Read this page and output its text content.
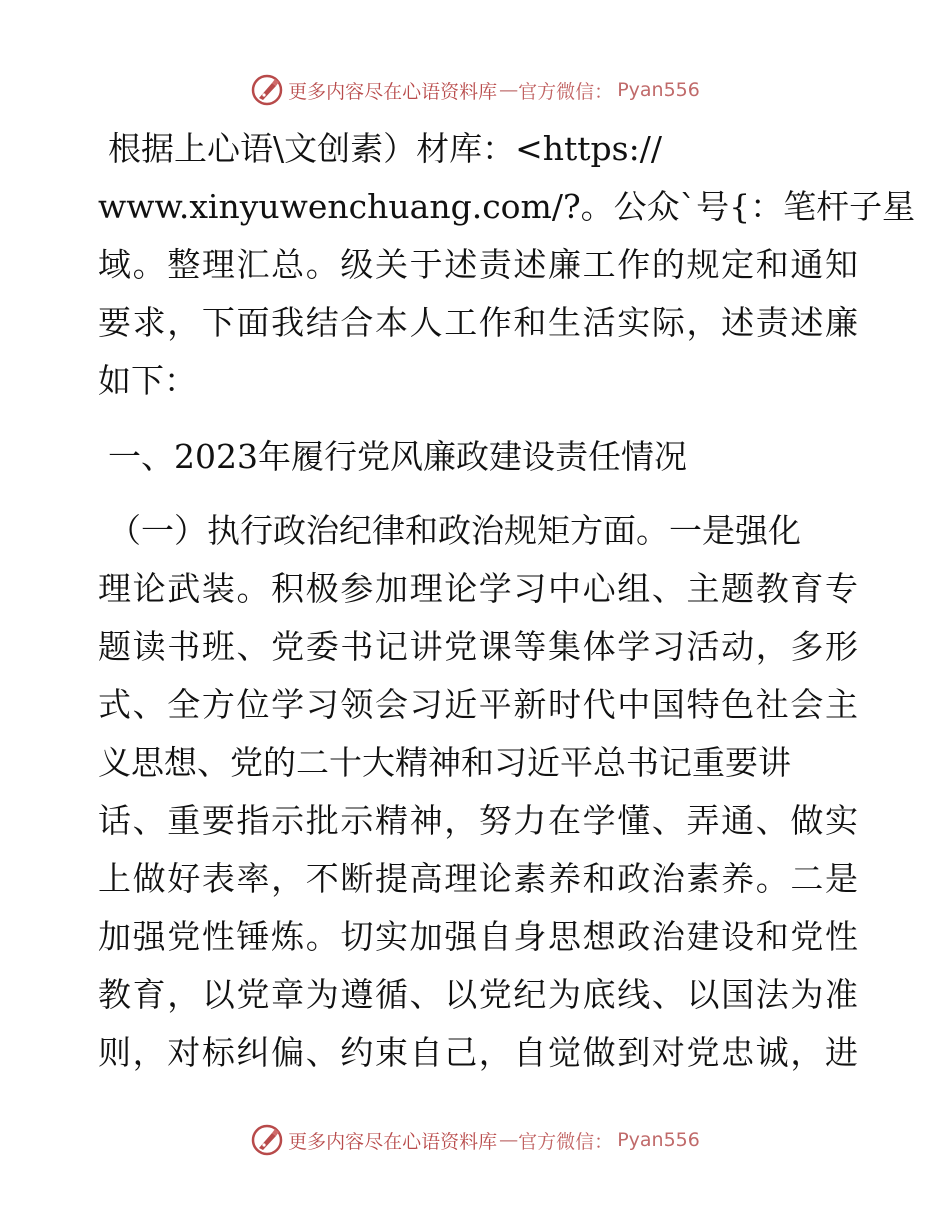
更多内容尽在心语资料库 — 官方微信： Pyan556
根据上心语\文创素）材库：<https://
www.xinyuwenchuang.com/?。公众`号{：笔杆子星
域。整理汇总。级关于述责述廉工作的规定和通知
要求，下面我结合本人工作和生活实际，述责述廉
如下：
一、2023年履行党风廉政建设责任情况
（一）执行政治纪律和政治规矩方面。一是强化
理论武装。积极参加理论学习中心组、主题教育专
题读书班、党委书记讲党课等集体学习活动，多形
式、全方位学习领会习近平新时代中国特色社会主
义思想、党的二十大精神和习近平总书记重要讲
话、重要指示批示精神，努力在学懂、弄通、做实
上做好表率，不断提高理论素养和政治素养。二是
加强党性锤炼。切实加强自身思想政治建设和党性
教育，以党章为遵循、以党纪为底线、以国法为准
则，对标纠偏、约束自己，自觉做到对党忠诚，进
更多内容尽在心语资料库 — 官方微信： Pyan556
